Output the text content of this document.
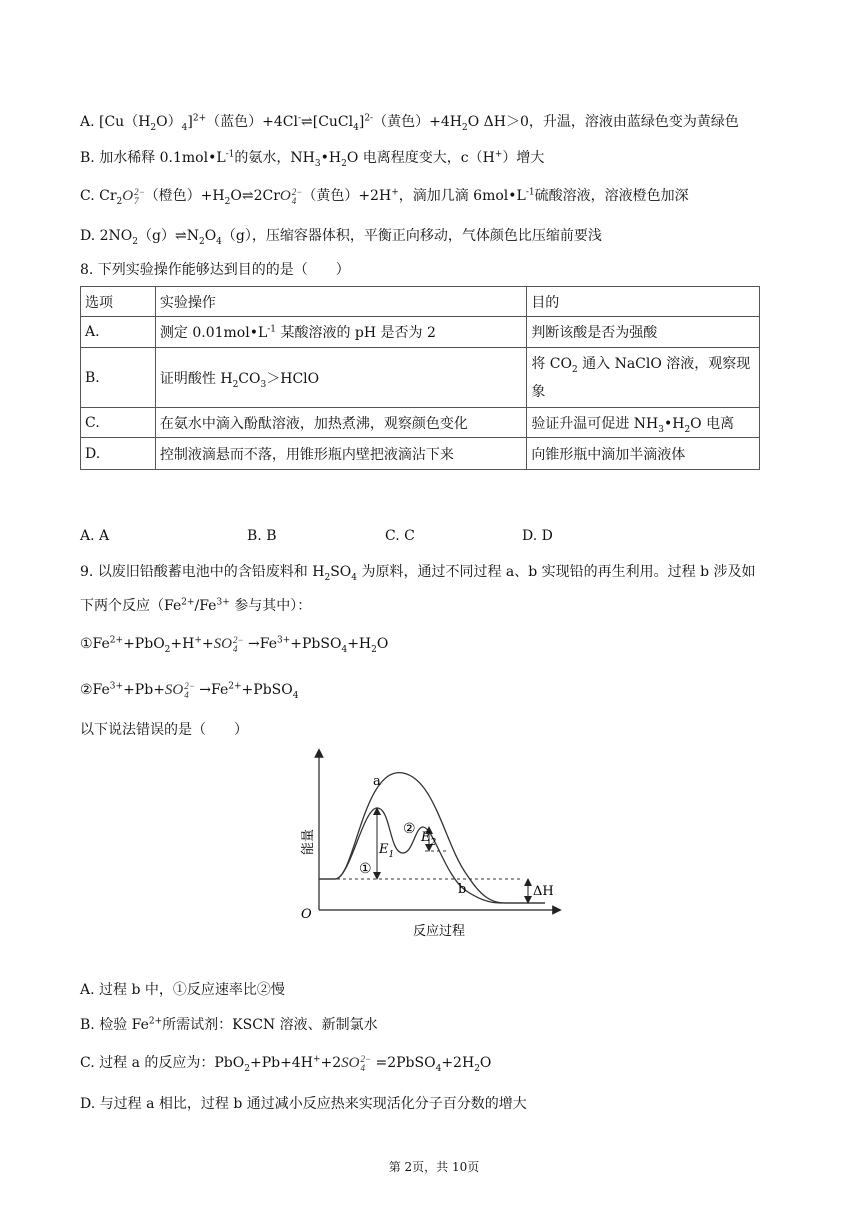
A. $[Cu(H_2O)_4]^{2+}$（蓝色）+4Cl-⇌[CuCl$_4$]$^{2-}$（黄色）$+4H_2O$ ΔH＞0，升温，溶液由蓝绿色变为黄绿色
B. 加水稀释 $0.1mol•L^{-1}$的氨水，$NH_3•H_2O$ 电离程度变大，c（H+）增大
C. $Cr_2O$ 2−
7 （橙色）$+H_2O\rightleftharpoons 2CrO$ 2−
4 （黄色）+2H+，滴加几滴 $6mol•L^{-1}$硫酸溶液，溶液橙色加深
D. $2NO_2(g)\rightleftharpoons N_2O_4(g)$，压缩容器体积，平衡正向移动，气体颜色比压缩前要浅
8. 下列实验操作能够达到目的的是（　　）
选项	实验操作	目的
A.	测定 $0.01mol•L^{-1}$ 某酸溶液的 pH 是否为 2	判断该酸是否为强酸
B.	证明酸性 $H_2CO_3>HClO$	将 $CO_2$ 通入 NaClO 溶液，观察现
象
C.	在氨水中滴入酚酞溶液，加热煮沸，观察颜色变化	验证升温可促进 $NH_3•H_2O$ 电离
D.	控制液滴悬而不落，用锥形瓶内壁把液滴沾下来	向锥形瓶中滴加半滴液体
A. A	B. B	C. C	D. D
9. 以废旧铅酸蓄电池中的含铅废料和 $H_2SO_4$ 为原料，通过不同过程 a、b 实现铅的再生利用。过程 b 涉及如
下两个反应（$Fe^{2+}/Fe^{3+}$ 参与其中）：
$①Fe^{2+}+PbO_2+H^++SO$ 2−
$4 \to Fe^{3+}+PbSO_4+H_2O$
$②Fe^{3+}+Pb+SO$ 2−
$4 \to Fe^{2+}+PbSO_4$
以下说法错误的是（　　）
O
能量
反应过程
a
b
①
②
$E_1$
$E_2$
ΔH
A. 过程 b 中，①反应速率比②慢
B. 检验 $Fe^{2+}$所需试剂：KSCN 溶液、新制氯水
C. 过程 a 的反应为：PbO$_2$+Pb+4H++2SO 2−
$4 =2PbSO_4+2H_2O$
D. 与过程 a 相比，过程 b 通过减小反应热来实现活化分子百分数的增大
第 2页，共 10页
